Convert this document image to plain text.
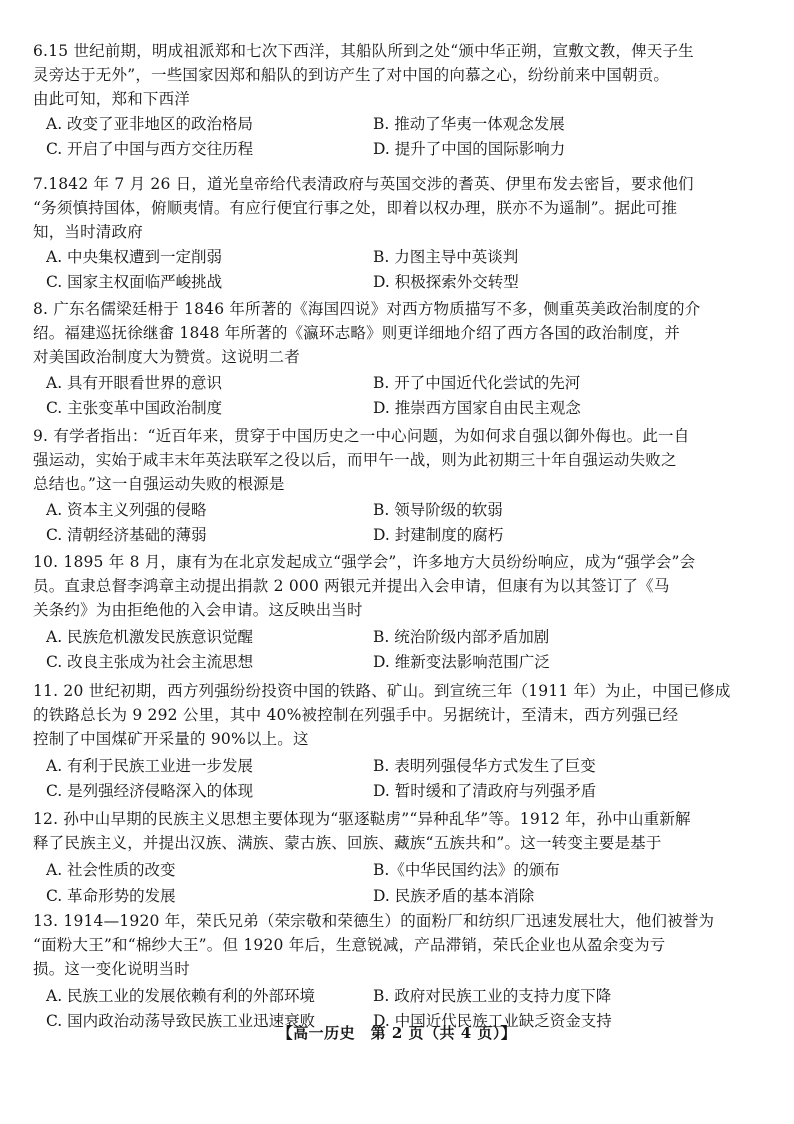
6.15 世纪前期，明成祖派郑和七次下西洋，其船队所到之处“颁中华正朔，宣敷文教，俾天子生
灵旁达于无外”，一些国家因郑和船队的到访产生了对中国的向慕之心，纷纷前来中国朝贡。
由此可知，郑和下西洋
A. 改变了亚非地区的政治格局	B. 推动了华夷一体观念发展
C. 开启了中国与西方交往历程	D. 提升了中国的国际影响力
7.1842 年 7 月 26 日，道光皇帝给代表清政府与英国交涉的耆英、伊里布发去密旨，要求他们
“务须慎持国体，俯顺夷情。有应行便宜行事之处，即着以权办理，朕亦不为遥制”。据此可推
知，当时清政府
A. 中央集权遭到一定削弱	B. 力图主导中英谈判
C. 国家主权面临严峻挑战	D. 积极探索外交转型
8. 广东名儒梁廷枏于 1846 年所著的《海国四说》对西方物质描写不多，侧重英美政治制度的介
绍。福建巡抚徐继畬 1848 年所著的《瀛环志略》则更详细地介绍了西方各国的政治制度，并
对美国政治制度大为赞赏。这说明二者
A. 具有开眼看世界的意识	B. 开了中国近代化尝试的先河
C. 主张变革中国政治制度	D. 推崇西方国家自由民主观念
9. 有学者指出：“近百年来，贯穿于中国历史之一中心问题，为如何求自强以御外侮也。此一自
强运动，实始于咸丰末年英法联军之役以后，而甲午一战，则为此初期三十年自强运动失败之
总结也。”这一自强运动失败的根源是
A. 资本主义列强的侵略	B. 领导阶级的软弱
C. 清朝经济基础的薄弱	D. 封建制度的腐朽
10. 1895 年 8 月，康有为在北京发起成立“强学会”，许多地方大员纷纷响应，成为“强学会”会
员。直隶总督李鸿章主动提出捐款 2 000 两银元并提出入会申请，但康有为以其签订了《马
关条约》为由拒绝他的入会申请。这反映出当时
A. 民族危机激发民族意识觉醒	B. 统治阶级内部矛盾加剧
C. 改良主张成为社会主流思想	D. 维新变法影响范围广泛
11. 20 世纪初期，西方列强纷纷投资中国的铁路、矿山。到宣统三年（1911 年）为止，中国已修成
的铁路总长为 9 292 公里，其中 40%被控制在列强手中。另据统计，至清末，西方列强已经
控制了中国煤矿开采量的 90%以上。这
A. 有利于民族工业进一步发展	B. 表明列强侵华方式发生了巨变
C. 是列强经济侵略深入的体现	D. 暂时缓和了清政府与列强矛盾
12. 孙中山早期的民族主义思想主要体现为“驱逐鞑虏”“异种乱华”等。1912 年，孙中山重新解
释了民族主义，并提出汉族、满族、蒙古族、回族、藏族“五族共和”。这一转变主要是基于
A. 社会性质的改变	B.《中华民国约法》的颁布
C. 革命形势的发展	D. 民族矛盾的基本消除
13. 1914—1920 年，荣氏兄弟（荣宗敬和荣德生）的面粉厂和纺织厂迅速发展壮大，他们被誉为
“面粉大王”和“棉纱大王”。但 1920 年后，生意锐减，产品滞销，荣氏企业也从盈余变为亏
损。这一变化说明当时
A. 民族工业的发展依赖有利的外部环境	B. 政府对民族工业的支持力度下降
C. 国内政治动荡导致民族工业迅速衰败	D. 中国近代民族工业缺乏资金支持
【高一历史　第 2 页（共 4 页）】
